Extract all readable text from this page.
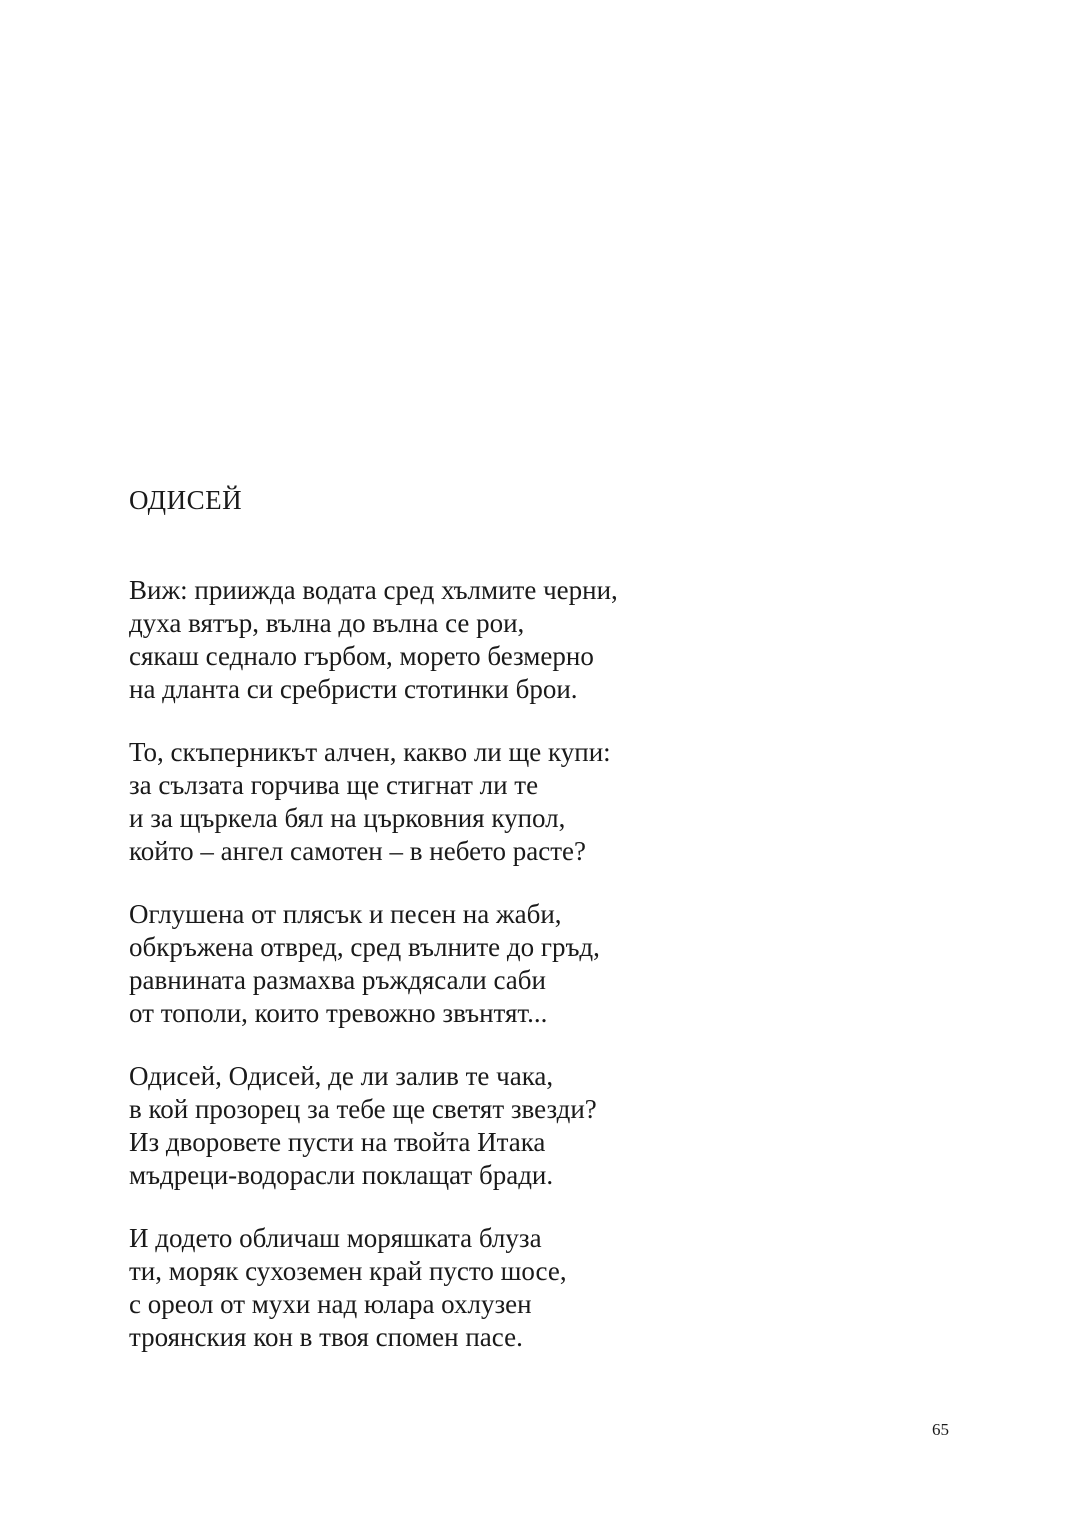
ОДИСЕЙ
Виж: приижда водата сред хълмите черни,
духа вятър, вълна до вълна се рои,
сякаш седнало гърбом, морето безмерно
на дланта си сребристи стотинки брои.
То, скъперникът алчен, какво ли ще купи:
за сълзата горчива ще стигнат ли те
и за щъркела бял на църковния купол,
който – ангел самотен – в небето расте?
Оглушена от плясък и песен на жаби,
обкръжена отвред, сред вълните до гръд,
равнината размахва ръждясали саби
от тополи, които тревожно звънтят...
Одисей, Одисей, де ли залив те чака,
в кой прозорец за тебе ще светят звезди?
Из дворовете пусти на твойта Итака
мъдреци-водорасли поклащат бради.
И додето обличаш моряшката блуза
ти, моряк сухоземен край пусто шосе,
с ореол от мухи над юлара охлузен
троянския кон в твоя спомен пасе.
65
